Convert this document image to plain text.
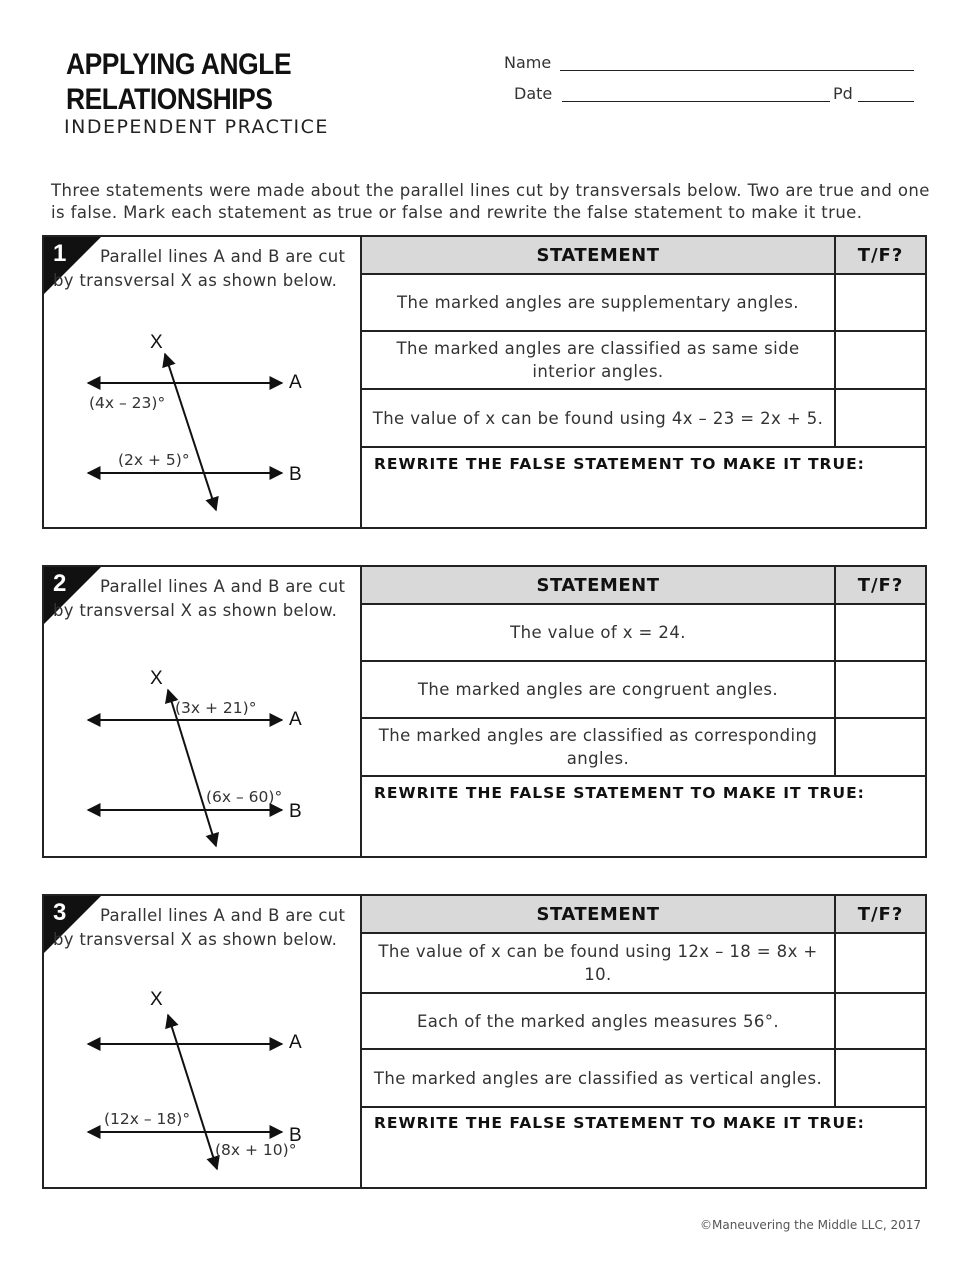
APPLYING ANGLE
RELATIONSHIPS
INDEPENDENT PRACTICE
Name
Date	Pd
Three statements were made about the parallel lines cut by transversals below. Two are true and one is false. Mark each statement as true or false and rewrite the false statement to make it true.
1	Parallel lines A and B are cut by transversal X as shown below.
X
A
B
(4x – 23)°
(2x + 5)°
STATEMENT	T/F?
The marked angles are supplementary angles.
The marked angles are classified as same side interior angles.
The value of x can be found using 4x – 23 = 2x + 5.
REWRITE THE FALSE STATEMENT TO MAKE IT TRUE:
2	Parallel lines A and B are cut by transversal X as shown below.
X
A
B
(3x + 21)°
(6x – 60)°
STATEMENT	T/F?
The value of x = 24.
The marked angles are congruent angles.
The marked angles are classified as corresponding angles.
REWRITE THE FALSE STATEMENT TO MAKE IT TRUE:
3	Parallel lines A and B are cut by transversal X as shown below.
X
A
B
(12x – 18)°
(8x + 10)°
STATEMENT	T/F?
The value of x can be found using 12x – 18 = 8x + 10.
Each of the marked angles measures 56°.
The marked angles are classified as vertical angles.
REWRITE THE FALSE STATEMENT TO MAKE IT TRUE:
©Maneuvering the Middle LLC, 2017
